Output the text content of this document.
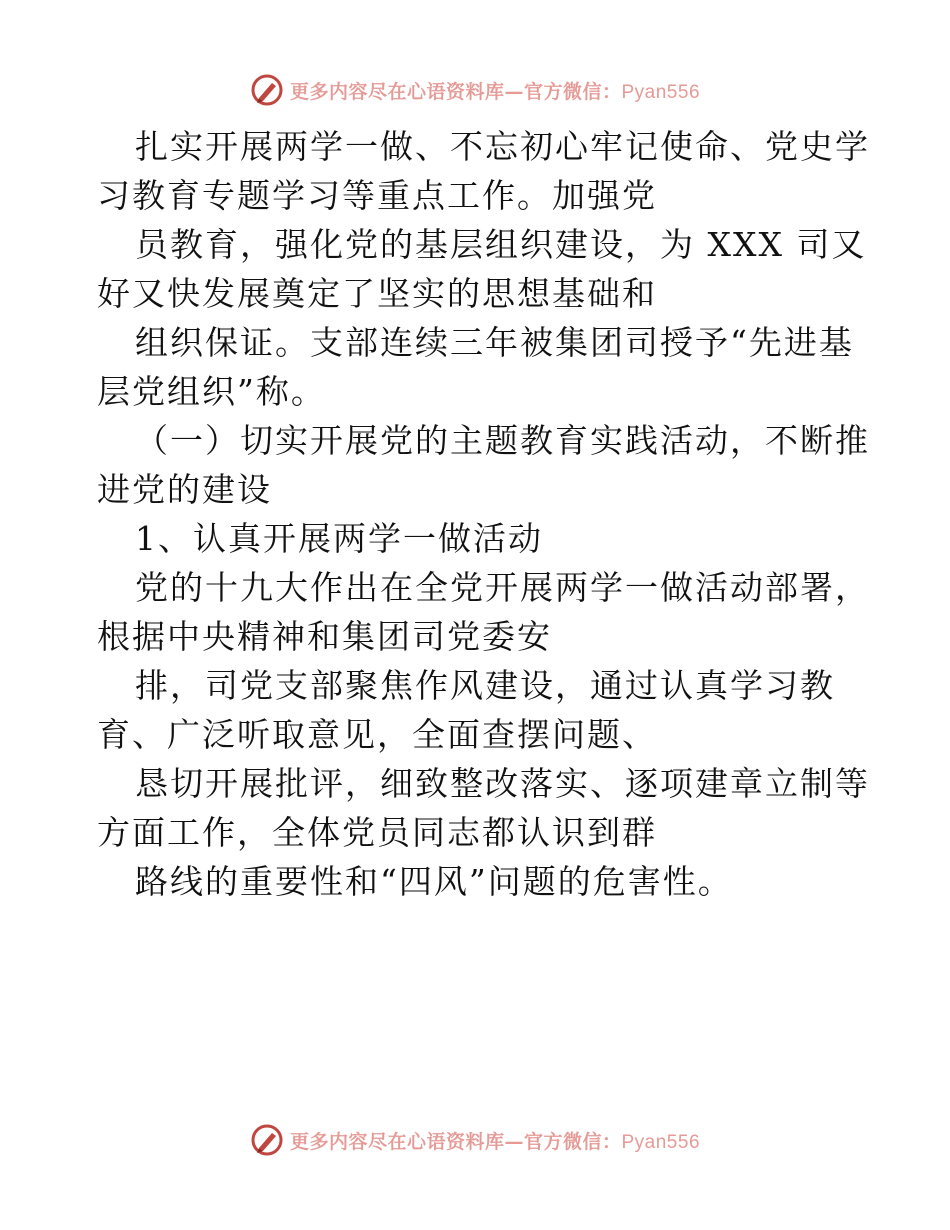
更多内容尽在心语资料库—官方微信：Pyan556
扎实开展两学一做、不忘初心牢记使命、党史学
习教育专题学习等重点工作。加强党
员教育，强化党的基层组织建设，为 XXX 司又
好又快发展奠定了坚实的思想基础和
组织保证。支部连续三年被集团司授予“先进基
层党组织”称。
（一）切实开展党的主题教育实践活动，不断推
进党的建设
1、认真开展两学一做活动
党的十九大作出在全党开展两学一做活动部署，
根据中央精神和集团司党委安
排，司党支部聚焦作风建设，通过认真学习教
育、广泛听取意见，全面查摆问题、
恳切开展批评，细致整改落实、逐项建章立制等
方面工作，全体党员同志都认识到群
路线的重要性和“四风”问题的危害性。
更多内容尽在心语资料库—官方微信：Pyan556
